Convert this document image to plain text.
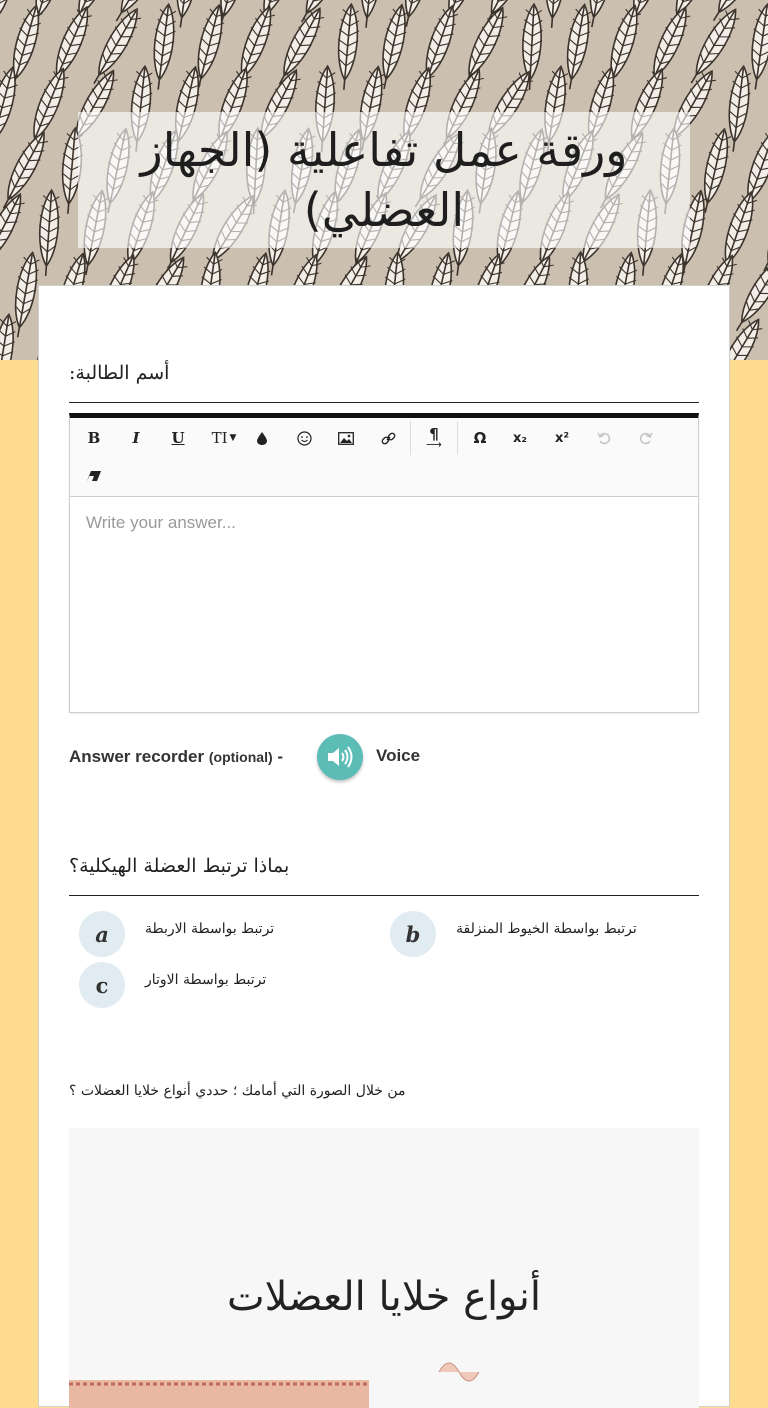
ورقة عمل تفاعلية (الجهاز العضلي)
أسم الطالبة:
B I U TI ▼	¶
⟶ Ω x₂ x²
Write your answer...
Answer recorder (optional) -	Voice
بماذا ترتبط العضلة الهيكلية؟
a	ترتبط بواسطة الاربطة	b	ترتبط بواسطة الخيوط المنزلقة
c	ترتبط بواسطة الاوتار
من خلال الصورة التي أمامك ؛ حددي أنواع خلايا العضلات ؟
أنواع خلايا العضلات
